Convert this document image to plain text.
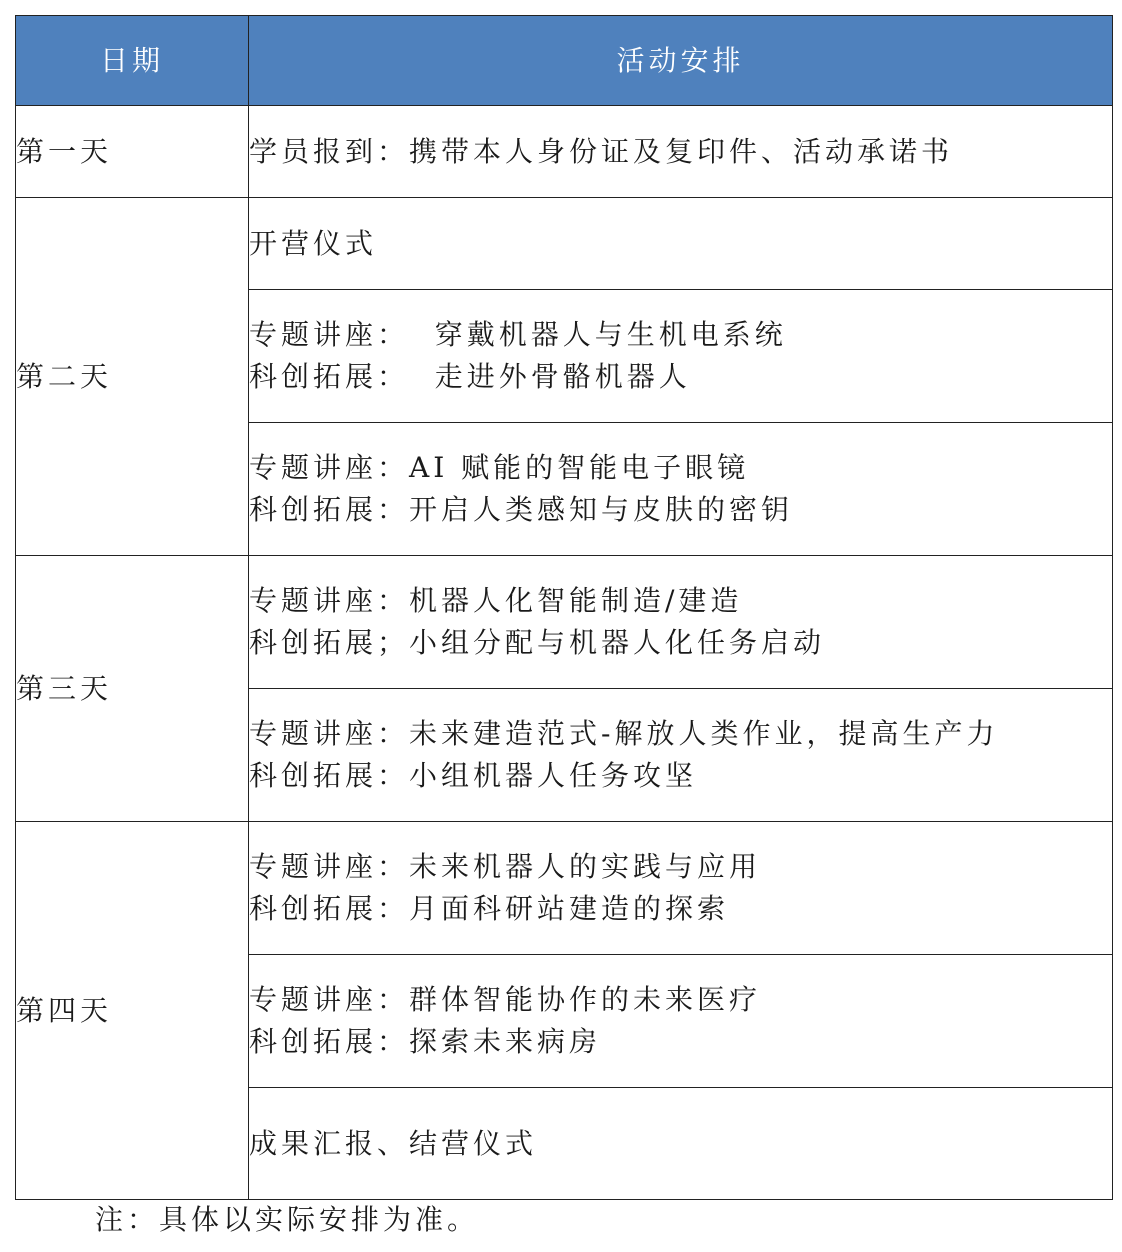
日期	活动安排
第一天	学员报到：携带本人身份证及复印件、活动承诺书

第二天	开营仪式

	专题讲座：  穿戴机器人与生机电系统
科创拓展：  走进外骨骼机器人

	专题讲座：AI 赋能的智能电子眼镜
科创拓展：开启人类感知与皮肤的密钥

第三天	专题讲座：机器人化智能制造/建造
科创拓展；小组分配与机器人化任务启动

	专题讲座：未来建造范式-解放人类作业，提高生产力
科创拓展：小组机器人任务攻坚

第四天	专题讲座：未来机器人的实践与应用
科创拓展：月面科研站建造的探索

	专题讲座：群体智能协作的未来医疗
科创拓展：探索未来病房

	成果汇报、结营仪式
注：具体以实际安排为准。
